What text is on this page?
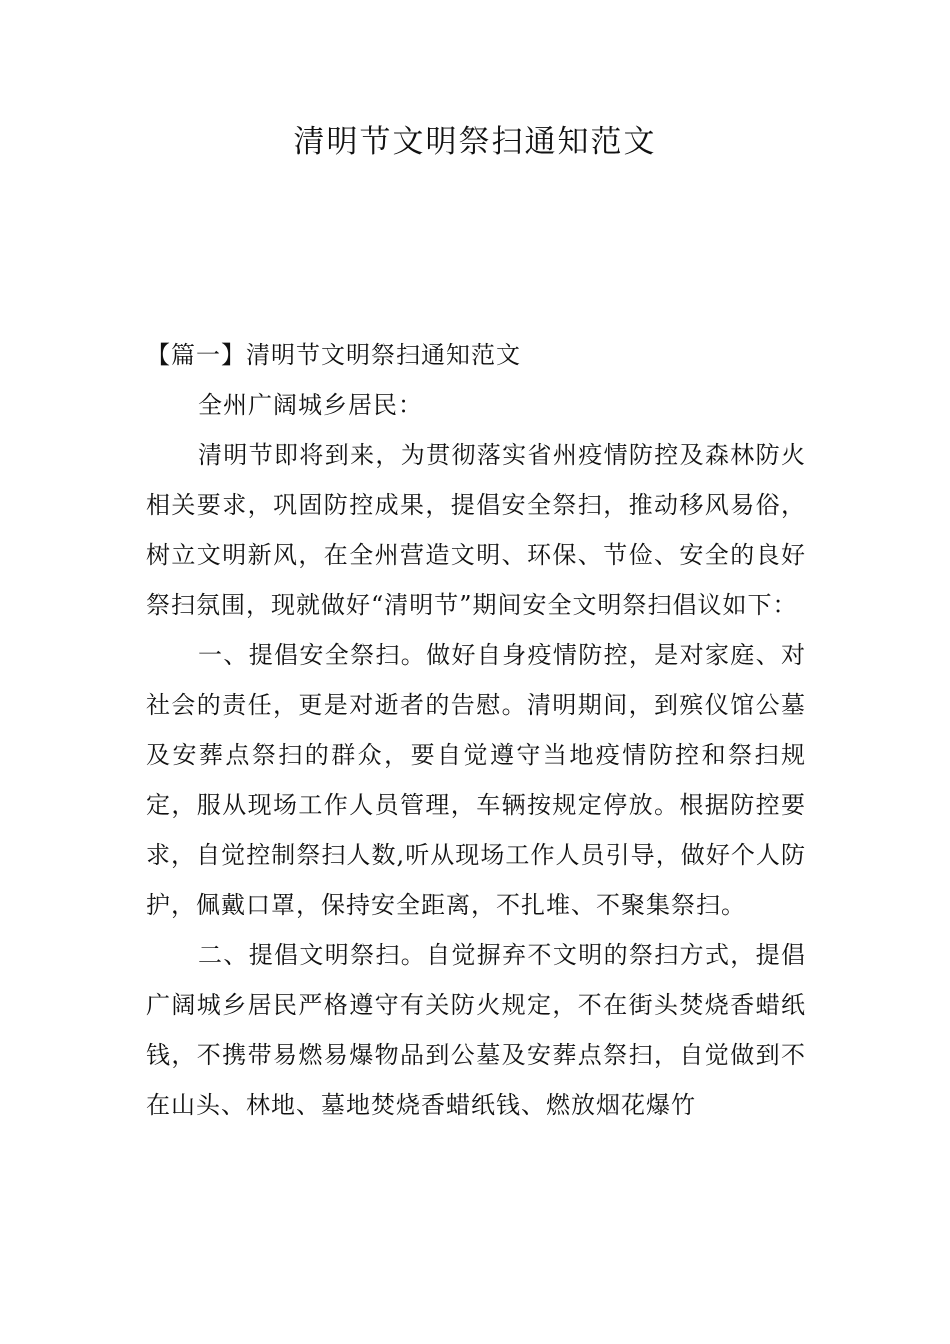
清明节文明祭扫通知范文

【篇一】清明节文明祭扫通知范文

全州广阔城乡居民：

清明节即将到来，为贯彻落实省州疫情防控及森林防火相关要求，巩固防控成果，提倡安全祭扫，推动移风易俗，树立文明新风，在全州营造文明、环保、节俭、安全的良好祭扫氛围，现就做好“清明节”期间安全文明祭扫倡议如下：

一、提倡安全祭扫。做好自身疫情防控，是对家庭、对社会的责任，更是对逝者的告慰。清明期间，到殡仪馆公墓及安葬点祭扫的群众，要自觉遵守当地疫情防控和祭扫规定，服从现场工作人员管理，车辆按规定停放。根据防控要求，自觉控制祭扫人数,听从现场工作人员引导，做好个人防护，佩戴口罩，保持安全距离，不扎堆、不聚集祭扫。

二、提倡文明祭扫。自觉摒弃不文明的祭扫方式，提倡广阔城乡居民严格遵守有关防火规定，不在街头焚烧香蜡纸钱，不携带易燃易爆物品到公墓及安葬点祭扫，自觉做到不在山头、林地、墓地焚烧香蜡纸钱、燃放烟花爆竹
